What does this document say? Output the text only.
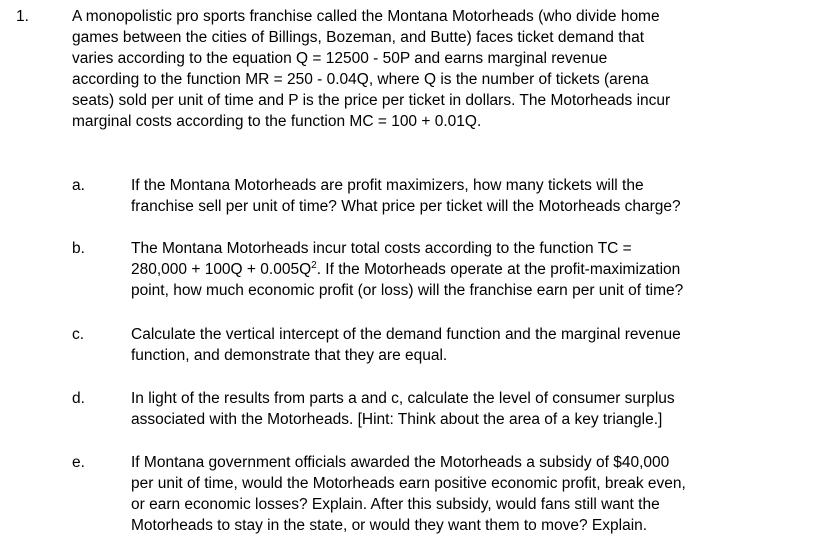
1.	A monopolistic pro sports franchise called the Montana Motorheads (who divide home
games between the cities of Billings, Bozeman, and Butte) faces ticket demand that
varies according to the equation Q = 12500 - 50P and earns marginal revenue
according to the function MR = 250 - 0.04Q, where Q is the number of tickets (arena
seats) sold per unit of time and P is the price per ticket in dollars. The Motorheads incur
marginal costs according to the function MC = 100 + 0.01Q.
a.	If the Montana Motorheads are profit maximizers, how many tickets will the
franchise sell per unit of time? What price per ticket will the Motorheads charge?
b.	The Montana Motorheads incur total costs according to the function TC =
$280,000 + 100Q + 0.005Q^2$. If the Motorheads operate at the profit-maximization
point, how much economic profit (or loss) will the franchise earn per unit of time?
c.	Calculate the vertical intercept of the demand function and the marginal revenue
function, and demonstrate that they are equal.
d.	In light of the results from parts a and c, calculate the level of consumer surplus
associated with the Motorheads. [Hint: Think about the area of a key triangle.]
e.	If Montana government officials awarded the Motorheads a subsidy of $40,000
per unit of time, would the Motorheads earn positive economic profit, break even,
or earn economic losses? Explain. After this subsidy, would fans still want the
Motorheads to stay in the state, or would they want them to move? Explain.
